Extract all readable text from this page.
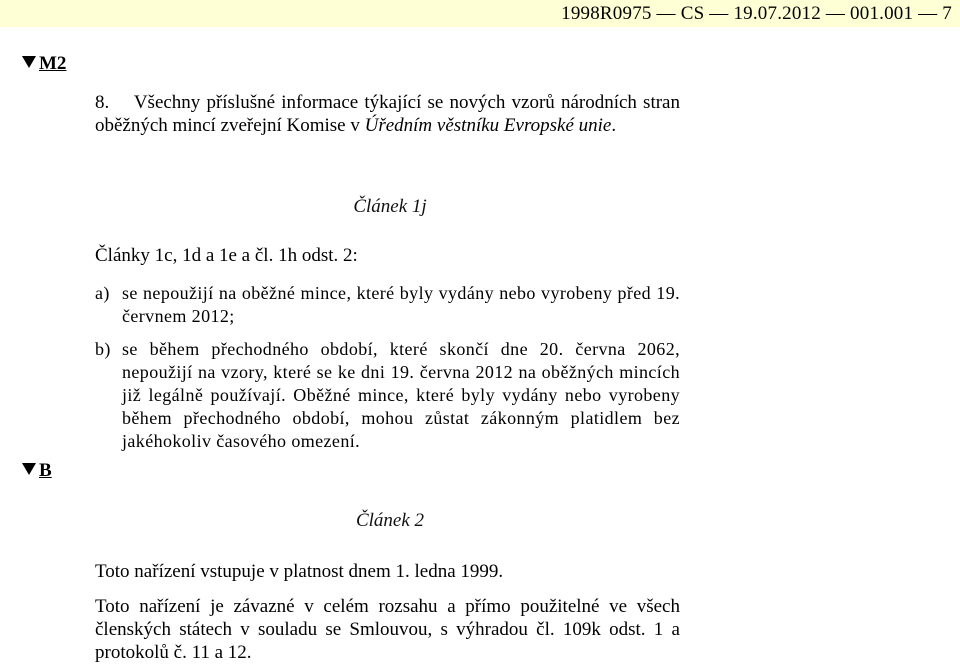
1998R0975 — CS — 19.07.2012 — 001.001 — 7
M2
8. Všechny příslušné informace týkající se nových vzorů národních stran oběžných mincí zveřejní Komise v Úředním věstníku Evropské unie.
Článek 1j
Články 1c, 1d a 1e a čl. 1h odst. 2:
a) se nepoužijí na oběžné mince, které byly vydány nebo vyrobeny před 19. červnem 2012;
b) se během přechodného období, které skončí dne 20. června 2062, nepoužijí na vzory, které se ke dni 19. června 2012 na oběžných mincích již legálně používají. Oběžné mince, které byly vydány nebo vyrobeny během přechodného období, mohou zůstat zákonným platidlem bez jakéhokoliv časového omezení.
B
Článek 2
Toto nařízení vstupuje v platnost dnem 1. ledna 1999.
Toto nařízení je závazné v celém rozsahu a přímo použitelné ve všech členských státech v souladu se Smlouvou, s výhradou čl. 109k odst. 1 a protokolů č. 11 a 12.
